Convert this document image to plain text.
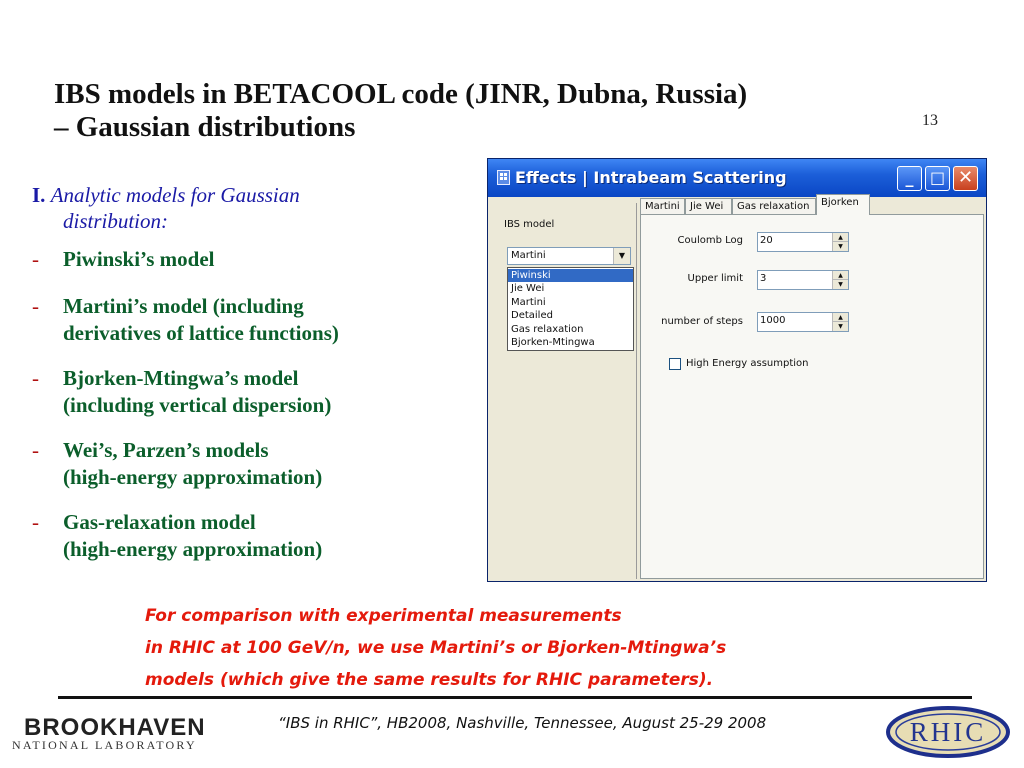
IBS models in BETACOOL code (JINR, Dubna, Russia)
– Gaussian distributions	13
I. Analytic models for Gaussian
distribution:
- Piwinski’s model
- Martini’s model (including
derivatives of lattice functions)
- Bjorken-Mtingwa’s model
(including vertical dispersion)
- Wei’s, Parzen’s models
(high-energy approximation)
- Gas-relaxation model
(high-energy approximation)
Effects | Intrabeam Scattering	_	□ ✕
IBS model
Martini	▼
Piwinski
Jie Wei
Martini
Detailed
Gas relaxation
Bjorken-Mtingwa
Martini	Jie Wei	Gas relaxation	Bjorken
Coulomb Log 20	▲
▼
Upper limit 3	▲
▼
number of steps 1000	▲
▼
High Energy assumption
For comparison with experimental measurements
in RHIC at 100 GeV/n, we use Martini’s or Bjorken-Mtingwa’s
models (which give the same results for RHIC parameters).
“IBS in RHIC”, HB2008, Nashville, Tennessee, August 25-29 2008
BROOKHAVEN
NATIONAL LABORATORY	RHIC
